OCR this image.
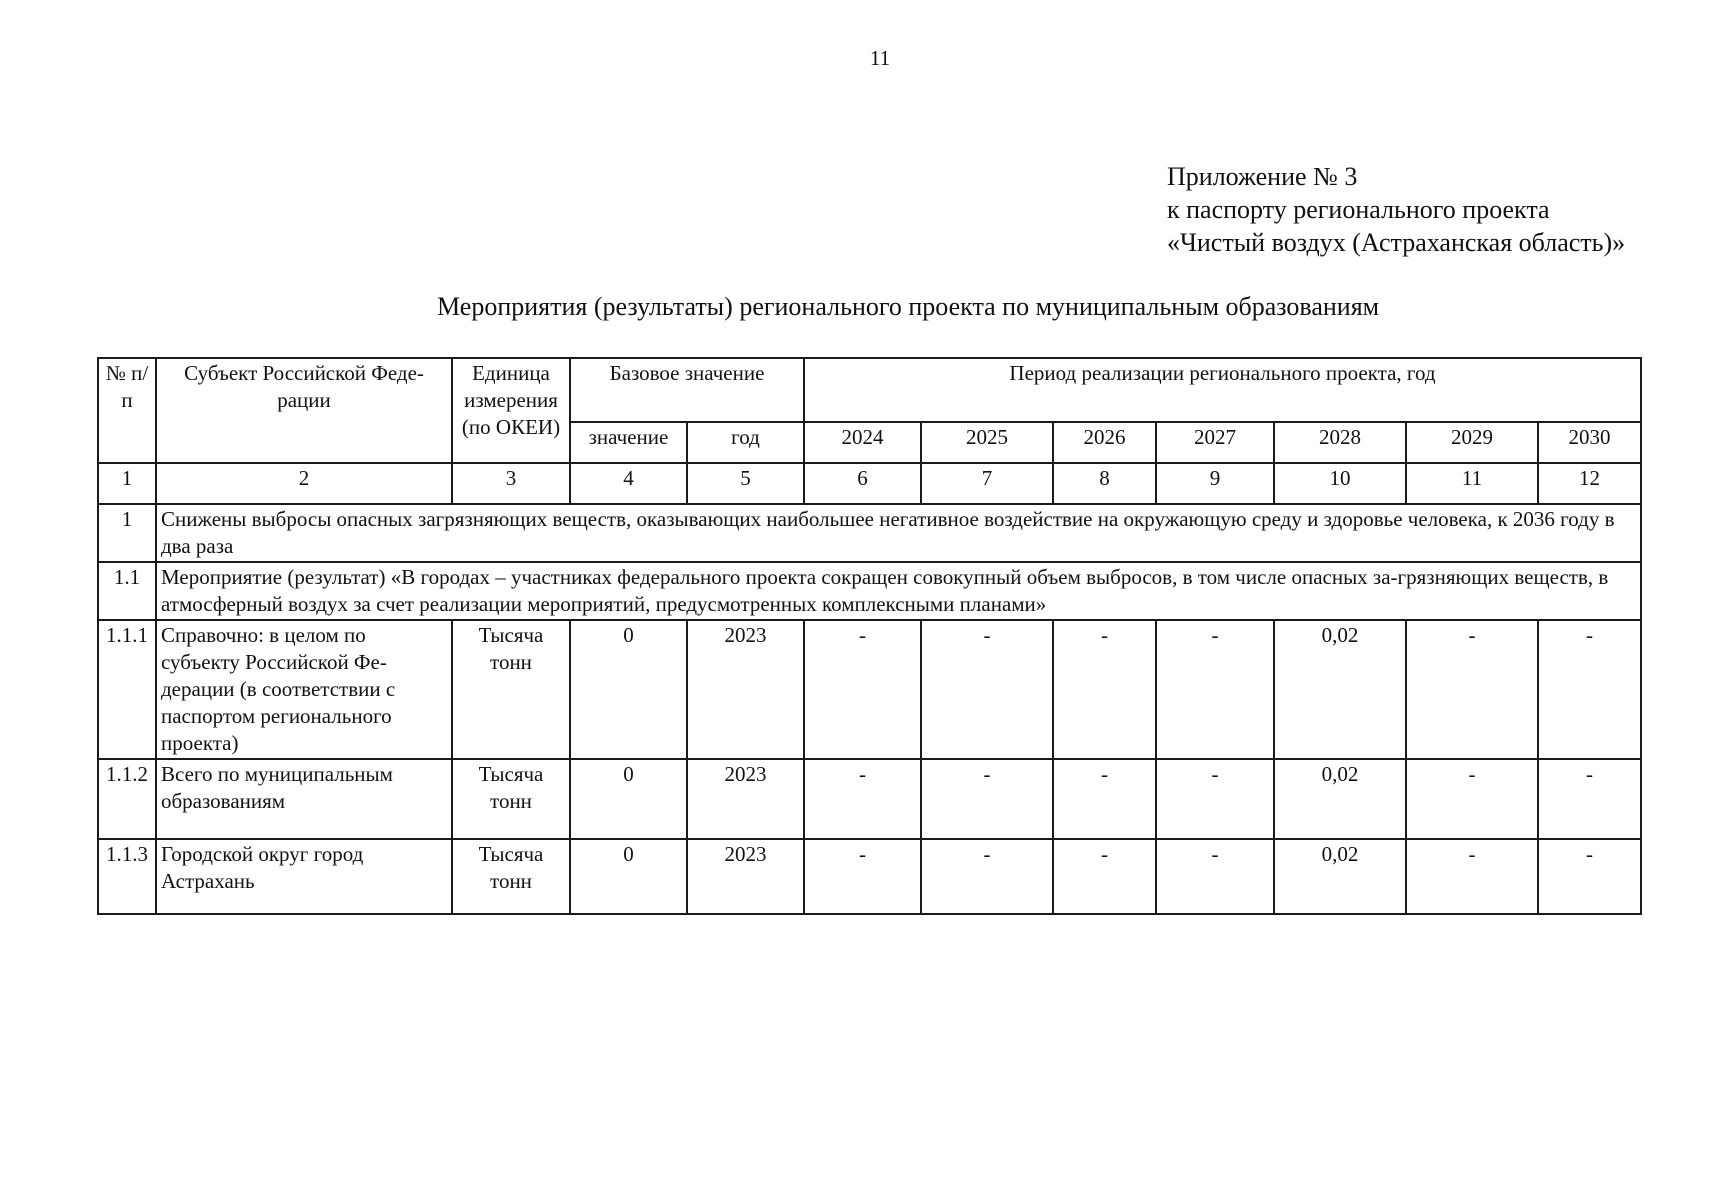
11
Приложение № 3
к паспорту регионального проекта
«Чистый воздух (Астраханская область)»
Мероприятия (результаты) регионального проекта по муниципальным образованиям
№ п/п	Субъект Российской Феде-рации	Единица измерения (по ОКЕИ)	Базовое значение		Период реализации регионального проекта, год						
			значение	год	2024	2025	2026	2027	2028	2029	2030
1	2	3	4	5	6	7	8	9	10	11	12
1	Снижены выбросы опасных загрязняющих веществ, оказывающих наибольшее негативное воздействие на окружающую среду и здоровье человека, к 2036 году в два раза										
1.1	Мероприятие (результат) «В городах – участниках федерального проекта сокращен совокупный объем выбросов, в том числе опасных за-грязняющих веществ, в атмосферный воздух за счет реализации мероприятий, предусмотренных комплексными планами»										
1.1.1	Справочно: в целом по субъекту Российской Фе-дерации (в соответствии с паспортом регионального проекта)	Тысяча тонн	0	2023	-	-	-	-	0,02	-	-
1.1.2	Всего по муниципальным образованиям	Тысяча тонн	0	2023	-	-	-	-	0,02	-	-
1.1.3	Городской округ город Астрахань	Тысяча тонн	0	2023	-	-	-	-	0,02	-	-
